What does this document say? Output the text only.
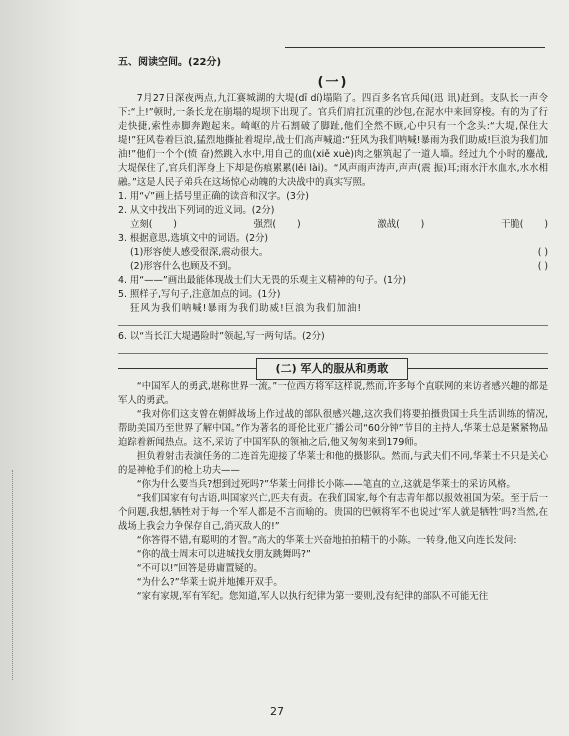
五、阅读空间。(22分)
(一)

7月27日深夜两点,九江赛城湖的大堤(dī dí)塌陷了。四百多名官兵闻(迅 讯)赶到。支队长一声令下:“上!”顿时,一条长龙在崩塌的堤坝下出现了。官兵们肩扛沉重的沙包,在泥水中来回穿梭。有的为了行走快捷,索性赤脚奔跑起来。崎岖的片石割破了脚趾,他们全然不顾,心中只有一个念头:“大堤,保住大堤!”狂风卷着巨浪,猛烈地撕扯着堤岸,战士们高声喊道:“狂风为我们呐喊!暴雨为我们助威!巨浪为我们加油!”他们一个个(愤 奋)然跳入水中,用自己的血(xiě xuè)肉之躯筑起了一道人墙。经过九个小时的鏖战,大堤保住了,官兵们浑身上下却是伤痕累累(lěi lài)。“风声雨声涛声,声声(震 振)耳;雨水汗水血水,水水相融。”这是人民子弟兵在这场惊心动魄的大决战中的真实写照。

1. 用“√”画上括号里正确的读音和汉字。(3分)
2. 从文中找出下列词的近义词。(2分)
立刻( )	强烈( )	激战( )	干脆( )
3. 根据意思,选填文中的词语。(2分)
(1)形容使人感受很深,震动很大。	( )
(2)形容什么也顾及不到。	( )
4. 用“——”画出最能体现战士们大无畏的乐观主义精神的句子。(1分)
5. 照样子,写句子,注意加点的词。(1分)
狂风为我们呐喊!暴雨为我们助威!巨浪为我们加油!
6. 以“当长江大堤遇险时”领起,写一两句话。(2分)
(二) 军人的服从和勇敢

“中国军人的勇武,堪称世界一流。”一位西方将军这样说,然而,许多每个直联网的来访者感兴趣的都是军人的勇武。

“我对你们这支曾在朝鲜战场上作过战的部队很感兴趣,这次我们将要拍摄贵国士兵生活训练的情况,帮助美国乃至世界了解中国。”作为著名的哥伦比亚广播公司“60分钟”节目的主持人,华莱士总是紧紧物品迫踪着新闻热点。这不,采访了中国军队的领袖之后,他又匆匆来到179师。

担负着射击表演任务的二连首先迎接了华莱士和他的摄影队。然而,与武夫们不同,华莱士不只是关心的是神枪手们的枪上功夫——

“你为什么要当兵?想到过死吗?”华莱士问排长小陈——笔直的立,这就是华莱士的采访风格。

“我们国家有句古语,叫国家兴亡,匹夫有责。在我们国家,每个有志青年都以报效祖国为荣。至于后一个问题,我想,牺牲对于每一个军人都是不言而喻的。贵国的巴顿将军不也说过‘军人就是牺牲’吗?当然,在战场上我会力争保存自己,消灭敌人的!”

“你答得不错,有聪明的才智。”高大的华莱士兴奋地拍拍精干的小陈。一转身,他又向连长发问:

“你的战士周末可以进城找女朋友跳舞吗?”

“不可以!”回答是毋庸置疑的。

“为什么?”华莱士说并地摊开双手。

“家有家规,军有军纪。您知道,军人以执行纪律为第一要则,没有纪律的部队不可能无往

27
